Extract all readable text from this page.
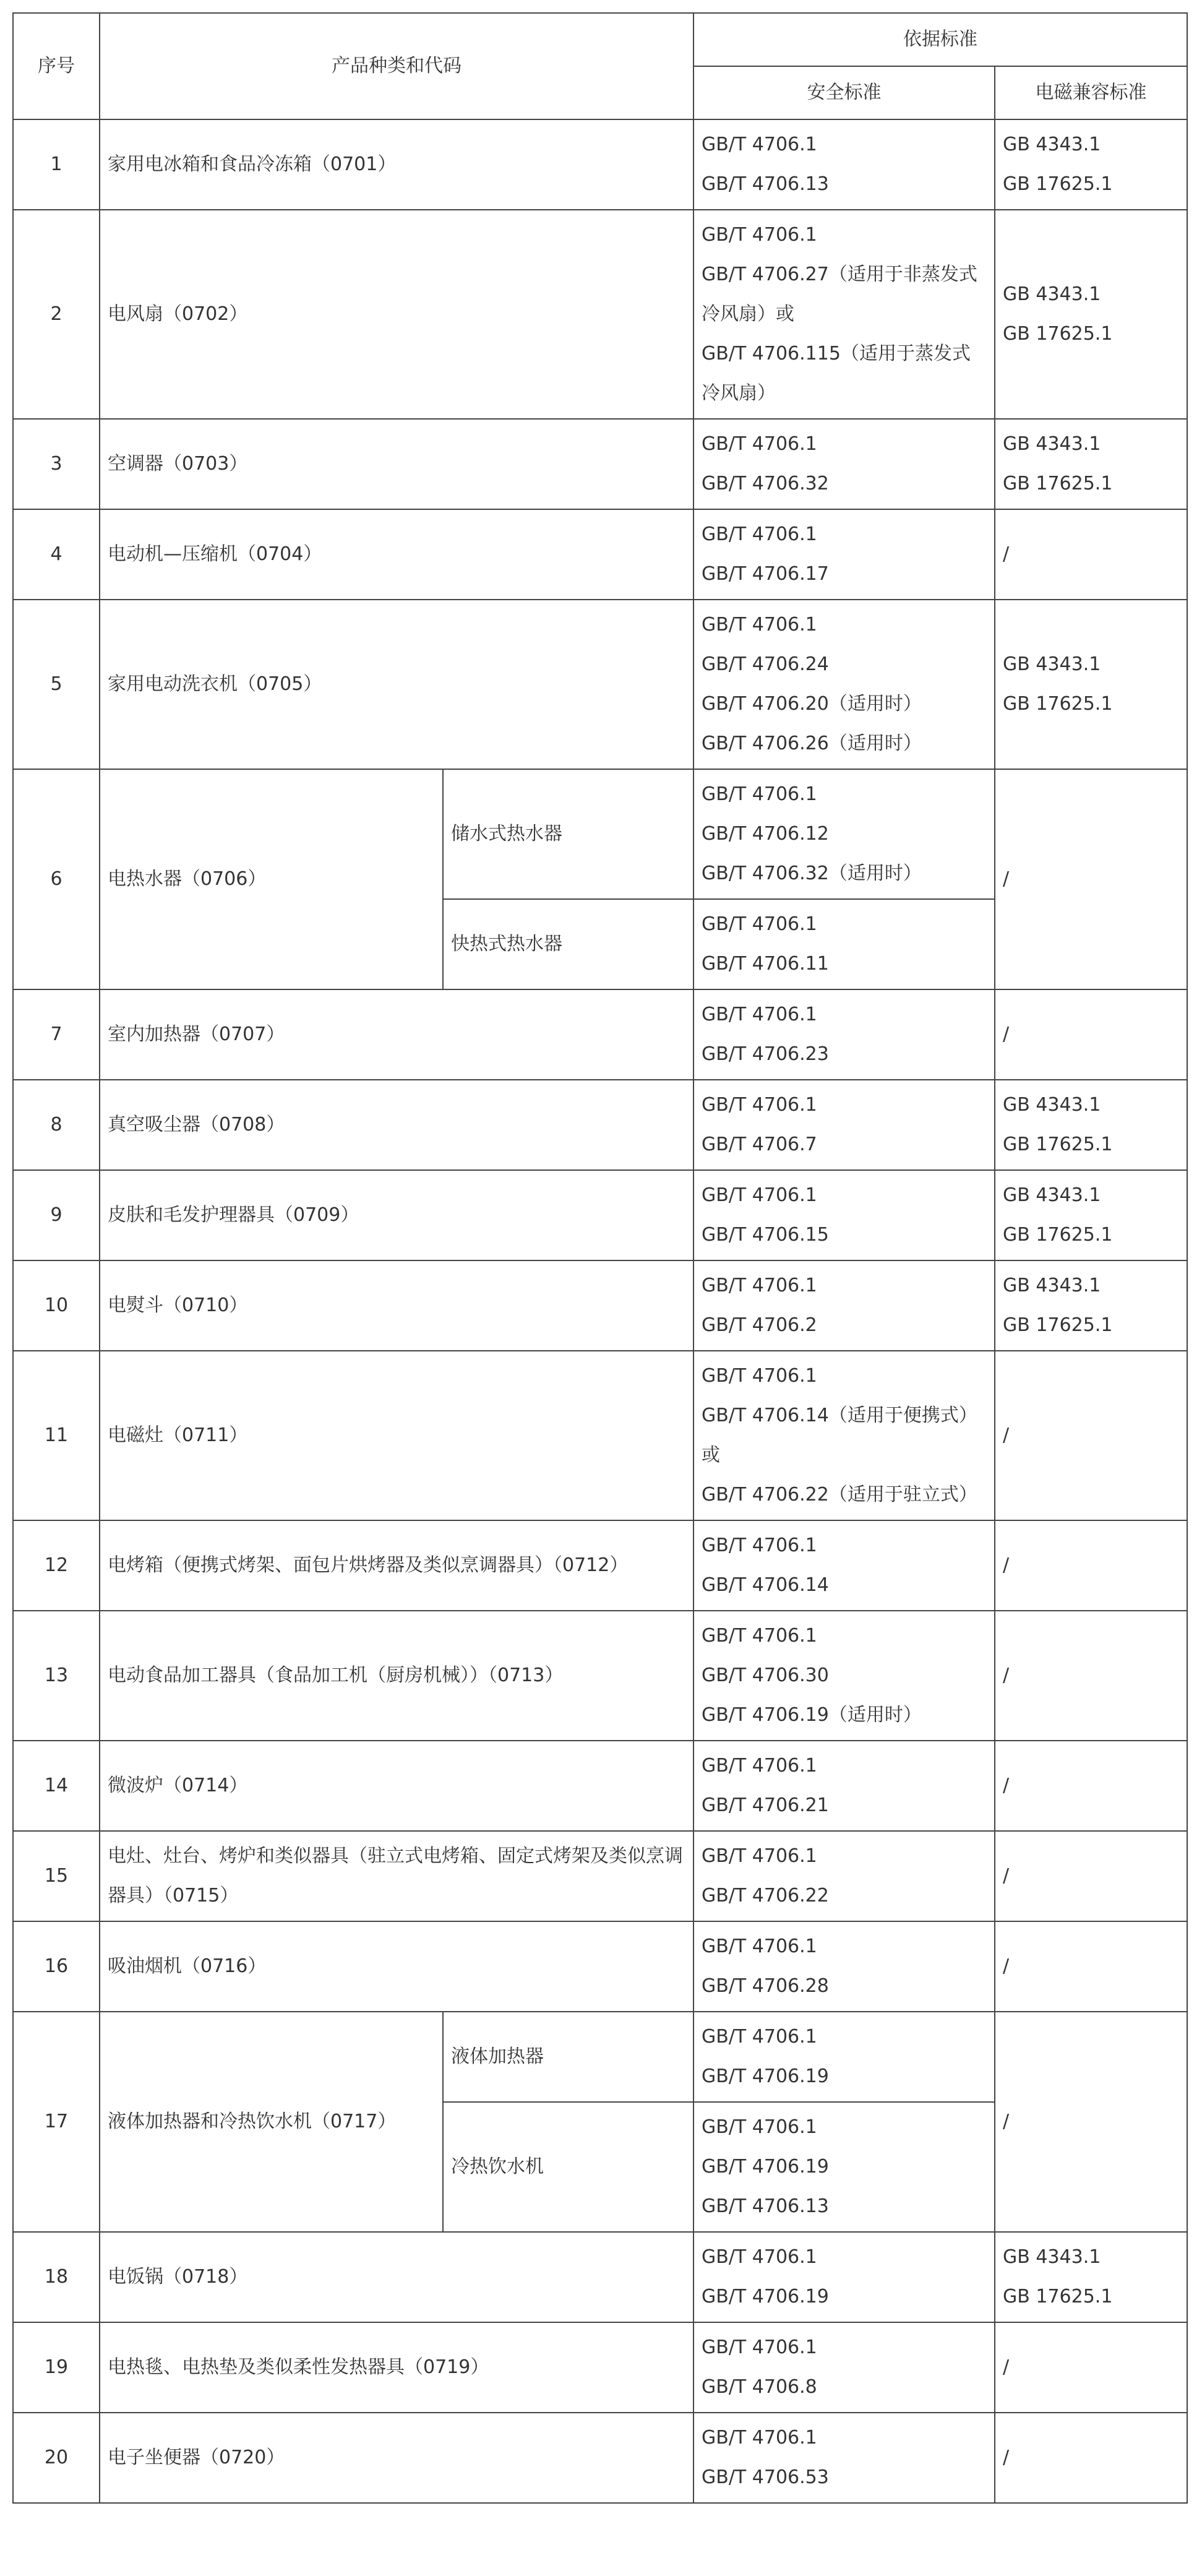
序号	产品种类和代码		依据标准	
			安全标准	电磁兼容标准
1	家用电冰箱和食品冷冻箱（0701）		GB/T 4706.1
GB/T 4706.13	GB 4343.1
GB 17625.1

2	电风扇（0702）		GB/T 4706.1
GB/T 4706.27（适用于非蒸发式
冷风扇）或
GB/T 4706.115（适用于蒸发式
冷风扇）	GB 4343.1
GB 17625.1

3	空调器（0703）		GB/T 4706.1
GB/T 4706.32	GB 4343.1
GB 17625.1

4	电动机—压缩机（0704）		GB/T 4706.1
GB/T 4706.17	/

5	家用电动洗衣机（0705）		GB/T 4706.1
GB/T 4706.24
GB/T 4706.20（适用时）
GB/T 4706.26（适用时）	GB 4343.1
GB 17625.1

6	电热水器（0706）	储水式热水器	GB/T 4706.1
GB/T 4706.12
GB/T 4706.32（适用时）	/

		快热式热水器	GB/T 4706.1
GB/T 4706.11	

7	室内加热器（0707）		GB/T 4706.1
GB/T 4706.23	/

8	真空吸尘器（0708）		GB/T 4706.1
GB/T 4706.7	GB 4343.1
GB 17625.1

9	皮肤和毛发护理器具（0709）		GB/T 4706.1
GB/T 4706.15	GB 4343.1
GB 17625.1

10	电熨斗（0710）		GB/T 4706.1
GB/T 4706.2	GB 4343.1
GB 17625.1

11	电磁灶（0711）		GB/T 4706.1
GB/T 4706.14（适用于便携式）
或
GB/T 4706.22（适用于驻立式）	/

12	电烤箱（便携式烤架、面包片烘烤器及类似烹调器具）（0712）		GB/T 4706.1
GB/T 4706.14	/

13	电动食品加工器具（食品加工机（厨房机械））（0713）		GB/T 4706.1
GB/T 4706.30
GB/T 4706.19（适用时）	/

14	微波炉（0714）		GB/T 4706.1
GB/T 4706.21	/

15	电灶、灶台、烤炉和类似器具（驻立式电烤箱、固定式烤架及类似烹调器具）（0715）		GB/T 4706.1
GB/T 4706.22	/

16	吸油烟机（0716）		GB/T 4706.1
GB/T 4706.28	/

17	液体加热器和冷热饮水机（0717）	液体加热器	GB/T 4706.1
GB/T 4706.19	/

		冷热饮水机	GB/T 4706.1
GB/T 4706.19
GB/T 4706.13	

18	电饭锅（0718）		GB/T 4706.1
GB/T 4706.19	GB 4343.1
GB 17625.1

19	电热毯、电热垫及类似柔性发热器具（0719）		GB/T 4706.1
GB/T 4706.8	/

20	电子坐便器（0720）		GB/T 4706.1
GB/T 4706.53	/
